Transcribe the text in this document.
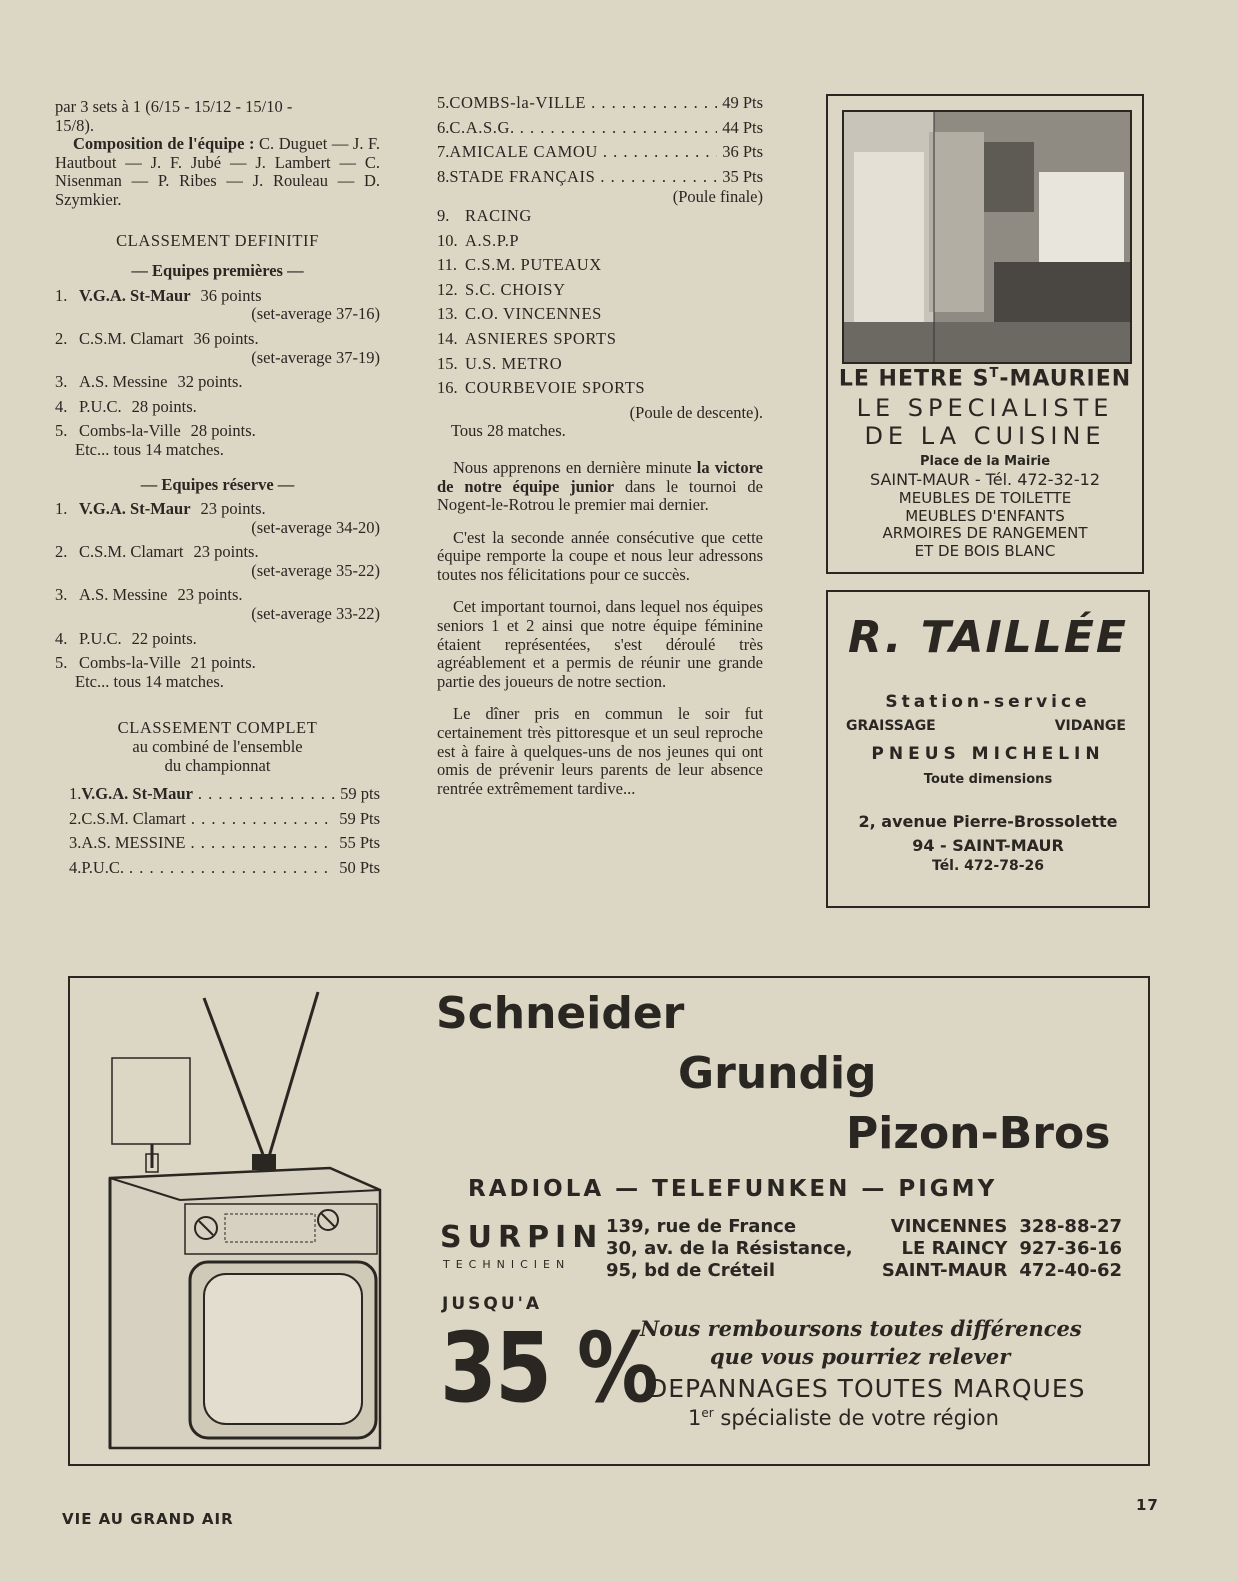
par 3 sets à 1 (6/15 - 15/12 - 15/10 -
15/8).
Composition de l'équipe : C. Duguet — J. F. Hautbout — J. F. Jubé — J. Lambert — C. Nisenman — P. Ribes — J. Rouleau — D. Szymkier.
CLASSEMENT DEFINITIF
— Equipes premières —
1. V.G.A. St-Maur 36 points
(set-average 37-16)
2. C.S.M. Clamart 36 points.
(set-average 37-19)
3. A.S. Messine 32 points.
4. P.U.C. 28 points.
5. Combs-la-Ville 28 points.
Etc... tous 14 matches.
— Equipes réserve —
1. V.G.A. St-Maur 23 points.
(set-average 34-20)
2. C.S.M. Clamart 23 points.
(set-average 35-22)
3. A.S. Messine 23 points.
(set-average 33-22)
4. P.U.C. 22 points.
5. Combs-la-Ville 21 points.
Etc... tous 14 matches.
CLASSEMENT COMPLET
au combiné de l'ensemble
du championnat
1. V.G.A. St-Maur . . .	59 pts
2. C.S.M. Clamart . . .	59 Pts
3. A.S. MESSINE . . .	55 Pts
4. P.U.C. . . .	50 Pts
5. COMBS-la-VILLE . . .	49 Pts
6. C.A.S.G. . . .	44 Pts
7. AMICALE CAMOU . . .	36 Pts
8. STADE FRANÇAIS . . .	35 Pts
(Poule finale)
9. RACING
10. A.S.P.P
11. C.S.M. PUTEAUX
12. S.C. CHOISY
13. C.O. VINCENNES
14. ASNIERES SPORTS
15. U.S. METRO
16. COURBEVOIE SPORTS
(Poule de descente).
Tous 28 matches.

Nous apprenons en dernière minute la victore de notre équipe junior dans le tournoi de Nogent-le-Rotrou le premier mai dernier.

C'est la seconde année consécutive que cette équipe remporte la coupe et nous leur adressons toutes nos félicitations pour ce succès.

Cet important tournoi, dans lequel nos équipes seniors 1 et 2 ainsi que notre équipe féminine étaient représentées, s'est déroulé très agréablement et a permis de réunir une grande partie des joueurs de notre section.

Le dîner pris en commun le soir fut certainement très pittoresque et un seul reproche est à faire à quelques-uns de nos jeunes qui ont omis de prévenir leurs parents de leur absence rentrée extrêmement tardive...

LE HETRE $S^T$-MAURIEN
LE SPECIALISTE
DE LA CUISINE
Place de la Mairie
SAINT-MAUR - Tél. 472-32-12
MEUBLES DE TOILETTE
MEUBLES D'ENFANTS
ARMOIRES DE RANGEMENT
ET DE BOIS BLANC
R. TAILLÉE
Station-service
GRAISSAGE	VIDANGE
PNEUS MICHELIN
Toute dimensions
2, avenue Pierre-Brossolette
94 - SAINT-MAUR
Tél. 472-78-26
Schneider
Grundig
Pizon-Bros
RADIOLA — TELEFUNKEN — PIGMY
SURPIN
TECHNICIEN
139, rue de France	VINCENNES 328-88-27
30, av. de la Résistance,	LE RAINCY 927-36-16
95, bd de Créteil	SAINT-MAUR 472-40-62
JUSQU'A
35 %
Nous remboursons toutes différences
que vous pourriez relever
DEPANNAGES TOUTES MARQUES
1er spécialiste de votre région
VIE AU GRAND AIR
17
